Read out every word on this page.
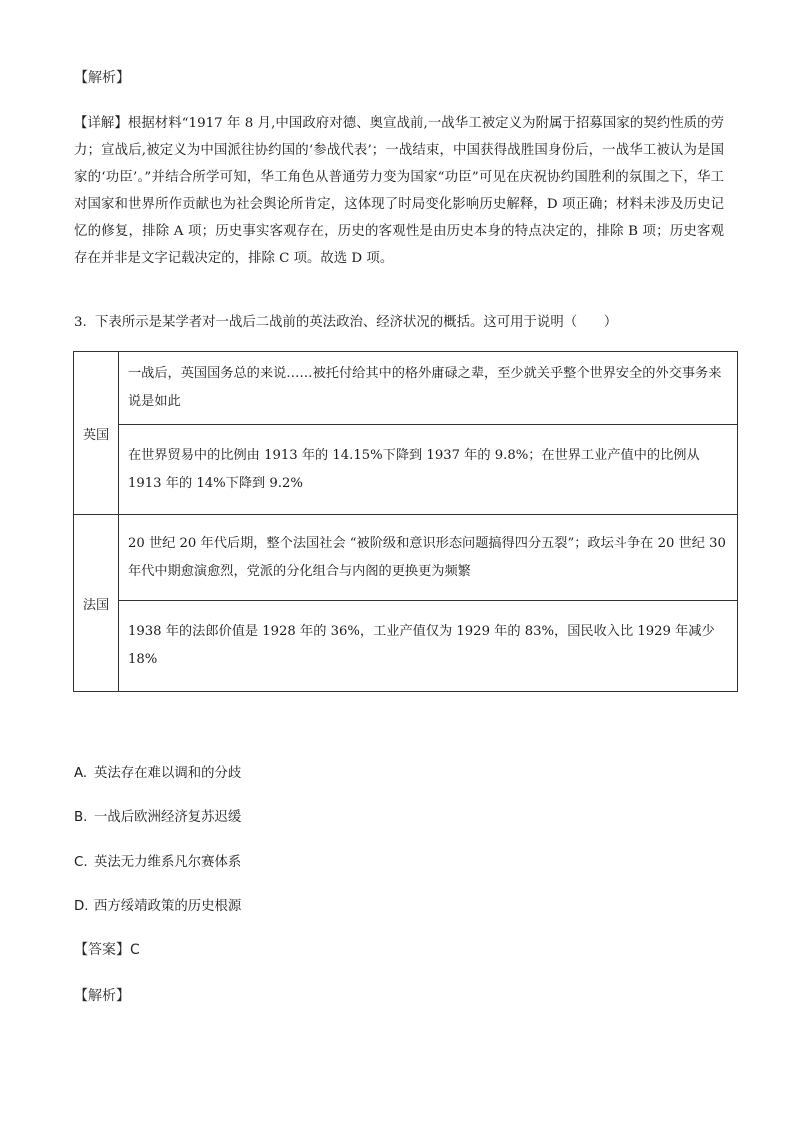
【解析】
【详解】根据材料“1917 年 8 月,中国政府对德、奥宣战前,一战华工被定义为附属于招募国家的契约性质的劳力；宣战后,被定义为中国派往协约国的‘参战代表’；一战结束，中国获得战胜国身份后，一战华工被认为是国家的‘功臣’。”并结合所学可知，华工角色从普通劳力变为国家“功臣”可见在庆祝协约国胜利的氛围之下，华工对国家和世界所作贡献也为社会舆论所肯定，这体现了时局变化影响历史解释，D 项正确；材料未涉及历史记忆的修复，排除 A 项；历史事实客观存在，历史的客观性是由历史本身的特点决定的，排除 B 项；历史客观存在并非是文字记载决定的，排除 C 项。故选 D 项。
3. 下表所示是某学者对一战后二战前的英法政治、经济状况的概括。这可用于说明（　　）
英国	一战后，英国国务总的来说……被托付给其中的格外庸碌之辈，至少就关乎整个世界安全的外交事务来说是如此
	在世界贸易中的比例由 1913 年的 14.15%下降到 1937 年的 9.8%；在世界工业产值中的比例从 1913 年的 14%下降到 9.2%
法国	20 世纪 20 年代后期，整个法国社会 “被阶级和意识形态问题搞得四分五裂”；政坛斗争在 20 世纪 30 年代中期愈演愈烈，党派的分化组合与内阁的更换更为频繁
	1938 年的法郎价值是 1928 年的 36%，工业产值仅为 1929 年的 83%，国民收入比 1929 年减少 18%
A. 英法存在难以调和的分歧
B. 一战后欧洲经济复苏迟缓
C. 英法无力维系凡尔赛体系
D. 西方绥靖政策的历史根源
【答案】C
【解析】
